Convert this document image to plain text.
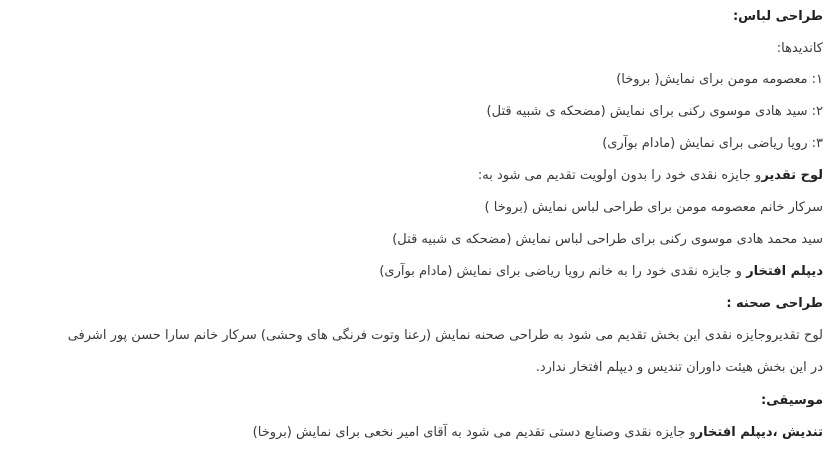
طراحی لباس:
کاندیدها:
۱: معصومه مومن برای نمایش( بروخا)
۲: سید هادی موسوی رکنی برای نمایش (مضحکه ی شبیه قتل)
۳: رویا ریاضی برای نمایش (مادام بوآری)
لوح تقدیرو جایزه نقدی خود را بدون اولویت تقدیم می شود به:
سرکار خانم معصومه مومن برای طراحی لباس نمایش (بروخا )
سید محمد هادی موسوی رکنی برای طراحی لباس نمایش (مضحکه ی شبیه قتل)
دیپلم افتخار و جایزه نقدی خود را به خانم رویا ریاضی برای نمایش (مادام بوآری)
طراحی صحنه :
لوح تقدیروجایزه نقدی این بخش تقدیم می شود به طراحی صحنه نمایش (رعنا وتوت فرنگی های وحشی) سرکار خانم سارا حسن پور اشرفی
در این بخش هیئت داوران تندیس و دیپلم افتخار ندارد.
موسیقی:
تندیش ،دیپلم افتخارو جایزه نقدی وصنایع دستی تقدیم می شود به آقای امیر نخعی برای نمایش (بروخا)
